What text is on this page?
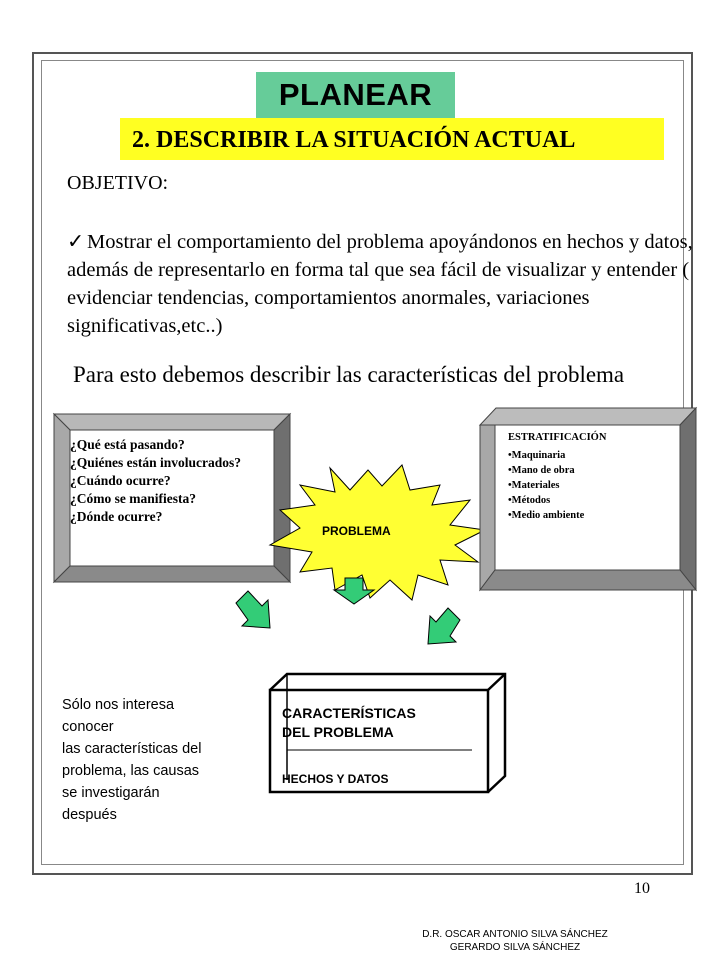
PLANEAR
2. DESCRIBIR LA SITUACIÓN ACTUAL
OBJETIVO:
✓ Mostrar el comportamiento del problema apoyándonos en hechos y datos, además de representarlo en forma tal que sea fácil de visualizar y entender ( evidenciar tendencias, comportamientos anormales, variaciones significativas,etc..)
Para esto debemos describir las características del problema
¿Qué está pasando?
¿Quiénes están involucrados?
¿Cuándo ocurre?
¿Cómo se manifiesta?
¿Dónde ocurre?
PROBLEMA
ESTRATIFICACIÓN
•Maquinaria
•Mano de obra
•Materiales
•Métodos
•Medio ambiente
CARACTERÍSTICAS
DEL PROBLEMA
HECHOS Y DATOS
Sólo nos interesa
conocer
las características del
problema, las causas
se investigarán
después
10
D.R. OSCAR ANTONIO SILVA SÁNCHEZ
GERARDO SILVA SÁNCHEZ
